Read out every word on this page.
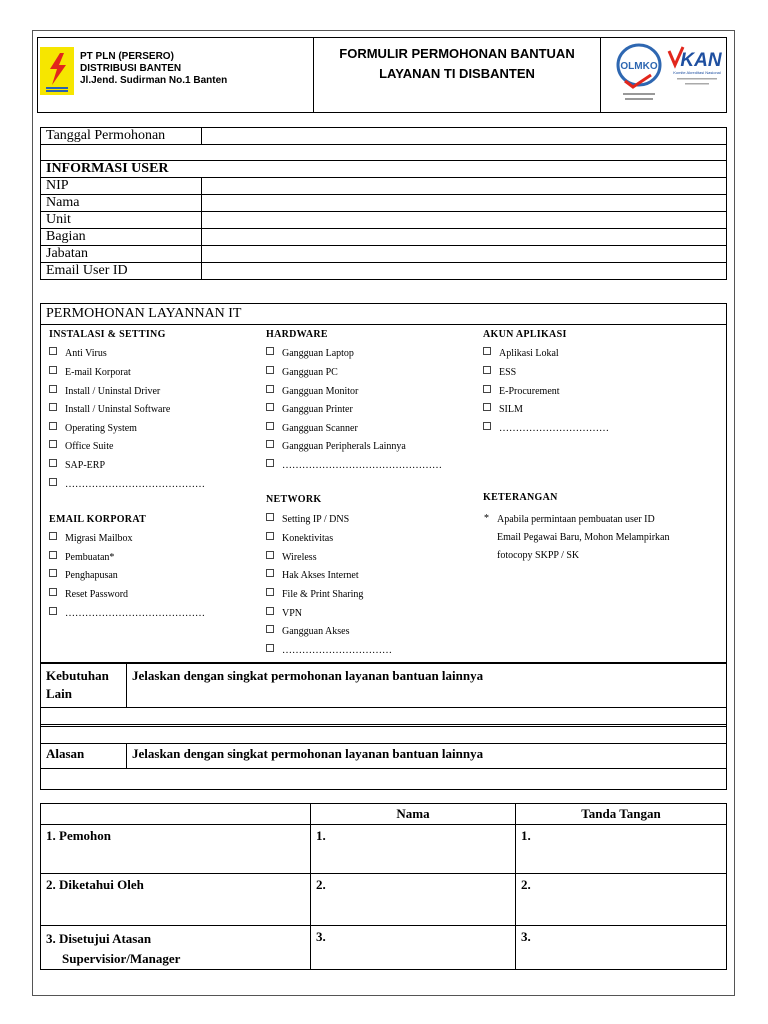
PT PLN (PERSERO)
DISTRIBUSI BANTEN
Jl.Jend. Sudirman No.1 Banten
FORMULIR PERMOHONAN BANTUAN
LAYANAN TI DISBANTEN	OLMKO KAN
Komite Akreditasi Nasional
Tanggal Permohonan	

INFORMASI USER	
NIP	
Nama	
Unit	
Bagian	
Jabatan	
Email User ID	
PERMOHONAN LAYANNAN IT
INSTALASI & SETTING
Anti Virus
E-mail Korporat
Install / Uninstal Driver
Install / Uninstal Software
Operating System
Office Suite
SAP-ERP
……………………………………
EMAIL KORPORAT
Migrasi Mailbox
Pembuatan*
Penghapusan
Reset Password
……………………………………
HARDWARE
Gangguan Laptop
Gangguan PC
Gangguan Monitor
Gangguan Printer
Gangguan Scanner
Gangguan Peripherals Lainnya
…………………………………………
NETWORK
Setting IP / DNS
Konektivitas
Wireless
Hak Akses Internet
File & Print Sharing
VPN
Gangguan Akses
……………………………
AKUN APLIKASI
Aplikasi Lokal
ESS
E-Procurement
SILM
……………………………
KETERANGAN
* Apabila permintaan pembuatan user ID
Email Pegawai Baru, Mohon Melampirkan
fotocopy SKPP / SK
Kebutuhan
Lain
	Jelaskan dengan singkat permohonan layanan bantuan lainnya

Alasan	Jelaskan dengan singkat permohonan layanan bantuan lainnya

	Nama	Tanda Tangan
1. Pemohon	1.	1.
2. Diketahui Oleh	2.	2.

3. Disetujui Atasan
Supervisior/Manager	3.	3.
